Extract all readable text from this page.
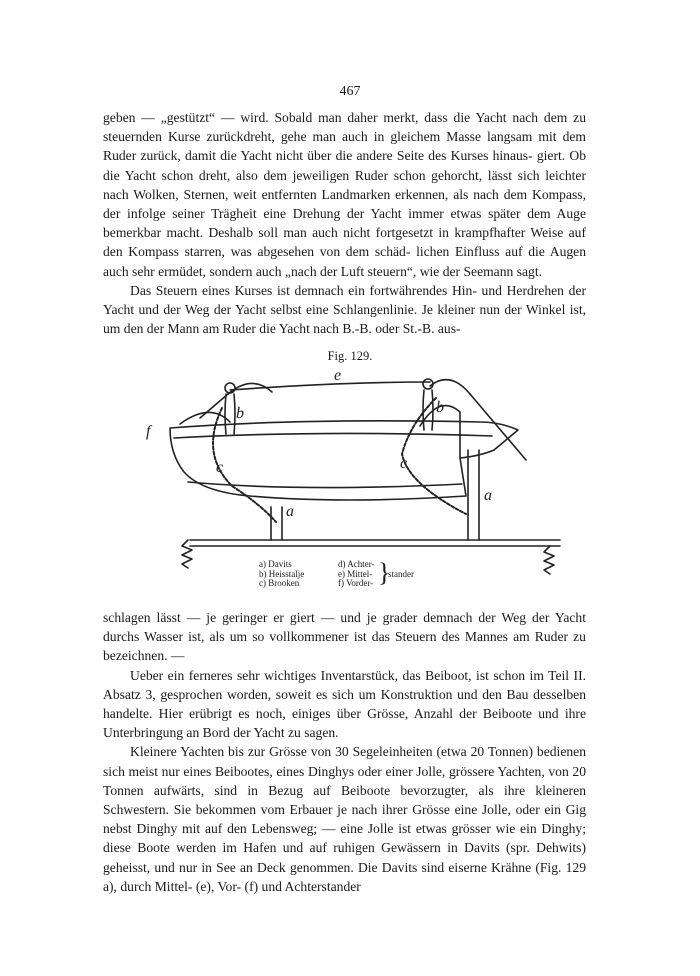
467

geben — „gestützt“ — wird. Sobald man daher merkt, dass die Yacht nach dem zu steuernden Kurse zurückdreht, gehe man auch in gleichem Masse langsam mit dem Ruder zurück, damit die Yacht nicht über die andere Seite des Kurses hinaus- giert. Ob die Yacht schon dreht, also dem jeweiligen Ruder schon gehorcht, lässt sich leichter nach Wolken, Sternen, weit entfernten Landmarken erkennen, als nach dem Kompass, der infolge seiner Trägheit eine Drehung der Yacht immer etwas später dem Auge bemerkbar macht. Deshalb soll man auch nicht fortgesetzt in krampfhafter Weise auf den Kompass starren, was abgesehen von dem schäd- lichen Einfluss auf die Augen auch sehr ermüdet, sondern auch „nach der Luft steuern“, wie der Seemann sagt.

Das Steuern eines Kurses ist demnach ein fortwährendes Hin- und Herdrehen der Yacht und der Weg der Yacht selbst eine Schlangenlinie. Je kleiner nun der Winkel ist, um den der Mann am Ruder die Yacht nach B.-B. oder St.-B. aus-

Fig. 129.
e
b	b
c	c
a
a
f
a) Davits
b) Heisstalje
c) Brooken
d) Achter-
e) Mittel-
f) Vorder- }
stander

schlagen lässt — je geringer er giert — und je grader demnach der Weg der Yacht durchs Wasser ist, als um so vollkommener ist das Steuern des Mannes am Ruder zu bezeichnen. —

Ueber ein ferneres sehr wichtiges Inventarstück, das Beiboot, ist schon im Teil II. Absatz 3, gesprochen worden, soweit es sich um Konstruktion und den Bau desselben handelte. Hier erübrigt es noch, einiges über Grösse, Anzahl der Beiboote und ihre Unterbringung an Bord der Yacht zu sagen.

Kleinere Yachten bis zur Grösse von 30 Segeleinheiten (etwa 20 Tonnen) bedienen sich meist nur eines Beibootes, eines Dinghys oder einer Jolle, grössere Yachten, von 20 Tonnen aufwärts, sind in Bezug auf Beiboote bevorzugter, als ihre kleineren Schwestern. Sie bekommen vom Erbauer je nach ihrer Grösse eine Jolle, oder ein Gig nebst Dinghy mit auf den Lebensweg; — eine Jolle ist etwas grösser wie ein Dinghy; diese Boote werden im Hafen und auf ruhigen Gewässern in Davits (spr. Dehwits) geheisst, und nur in See an Deck genommen. Die Davits sind eiserne Krähne (Fig. 129 a), durch Mittel- (e), Vor- (f) und Achterstander
